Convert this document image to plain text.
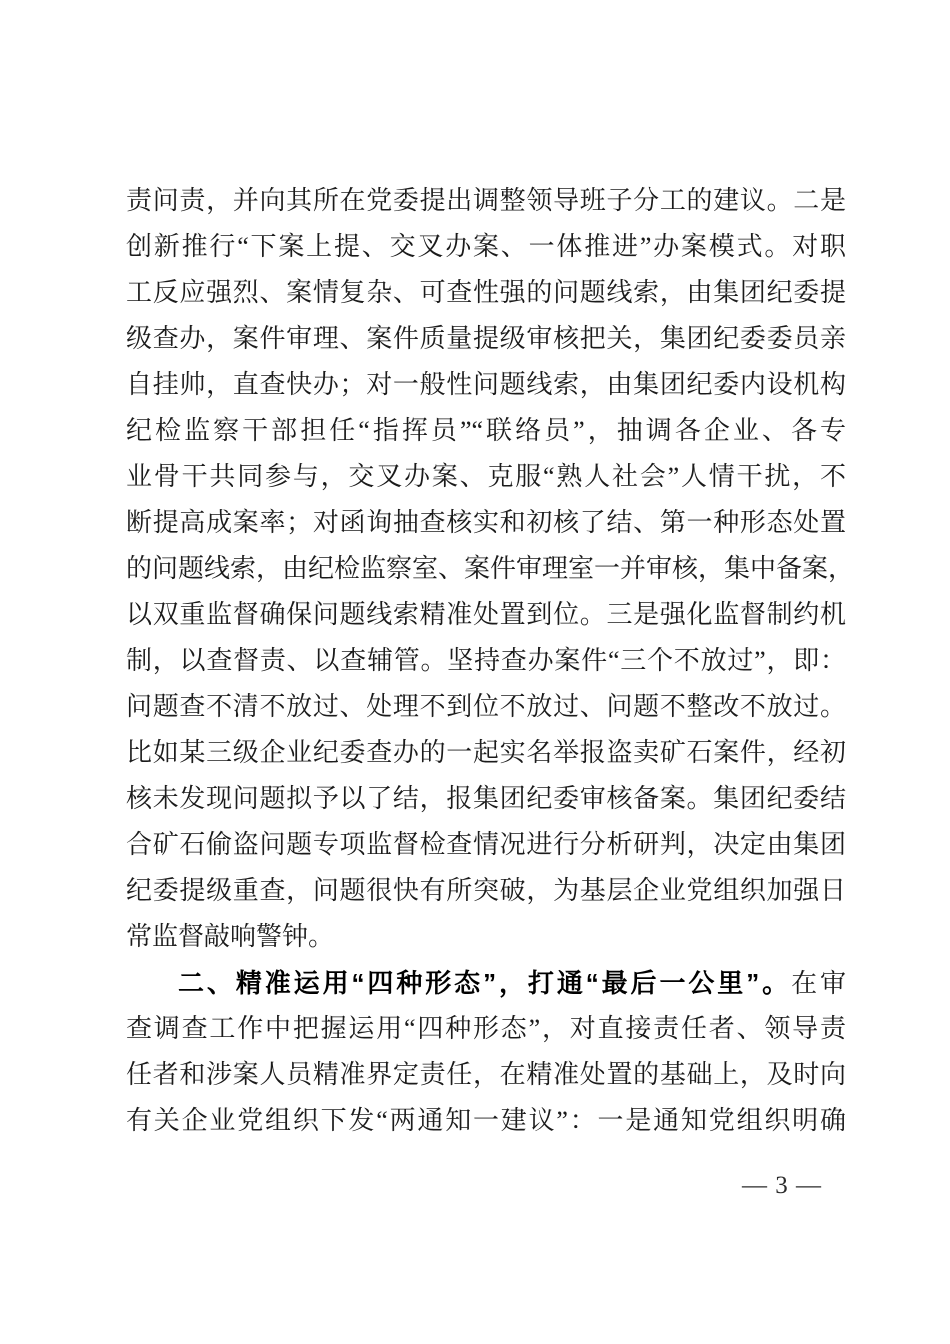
责问责，并向其所在党委提出调整领导班子分工的建议。二是
创新推行“下案上提、交叉办案、一体推进”办案模式。对职
工反应强烈、案情复杂、可查性强的问题线索，由集团纪委提
级查办，案件审理、案件质量提级审核把关，集团纪委委员亲
自挂帅，直查快办；对一般性问题线索，由集团纪委内设机构
纪检监察干部担任“指挥员”“联络员”，抽调各企业、各专
业骨干共同参与，交叉办案、克服“熟人社会”人情干扰，不
断提高成案率；对函询抽查核实和初核了结、第一种形态处置
的问题线索，由纪检监察室、案件审理室一并审核，集中备案，
以双重监督确保问题线索精准处置到位。三是强化监督制约机
制，以查督责、以查辅管。坚持查办案件“三个不放过”，即：
问题查不清不放过、处理不到位不放过、问题不整改不放过。
比如某三级企业纪委查办的一起实名举报盗卖矿石案件，经初
核未发现问题拟予以了结，报集团纪委审核备案。集团纪委结
合矿石偷盗问题专项监督检查情况进行分析研判，决定由集团
纪委提级重查，问题很快有所突破，为基层企业党组织加强日
常监督敲响警钟。
二、精准运用“四种形态”，打通“最后一公里”。在审
查调查工作中把握运用“四种形态”，对直接责任者、领导责
任者和涉案人员精准界定责任，在精准处置的基础上，及时向
有关企业党组织下发“两通知一建议”：一是通知党组织明确
— 3 —
